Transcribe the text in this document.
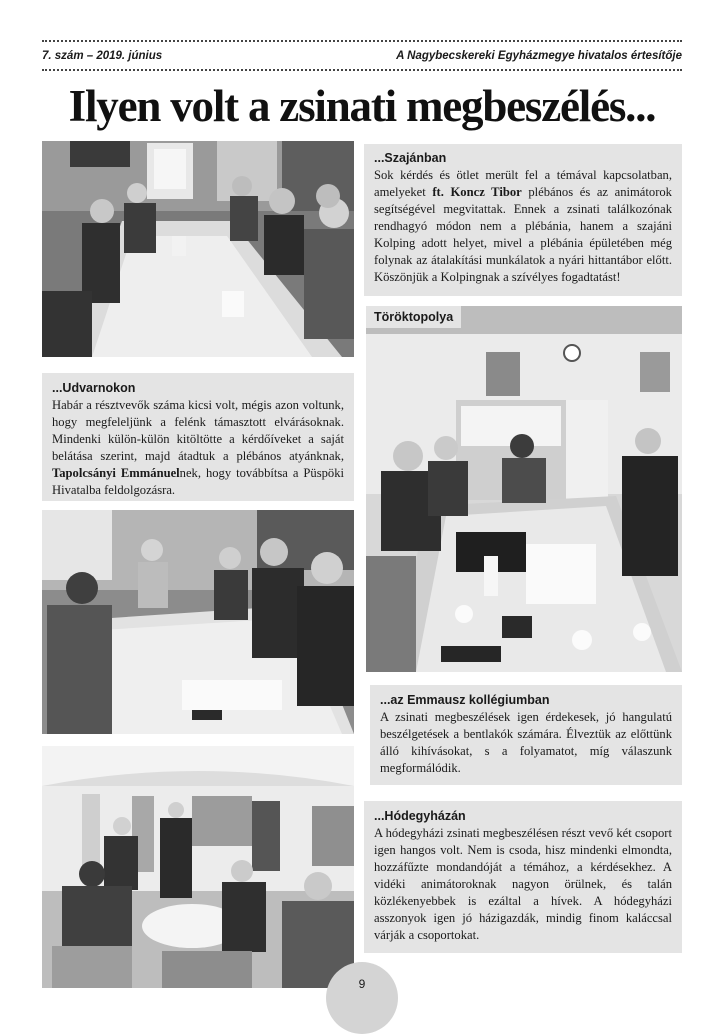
7. szám – 2019. június	A Nagybecskereki Egyházmegye hivatalos értesítője
Ilyen volt a zsinati megbeszélés...
...Szajánban

Sok kérdés és ötlet merült fel a témával kapcsolatban, amelyeket ft. Koncz Tibor plébános és az animátorok segítségével megvitattak. Ennek a zsinati találkozónak rendhagyó módon nem a plébánia, hanem a szajáni Kolping adott helyet, mivel a plébánia épületében még folynak az átalakítási munkálatok a nyári hittantábor előtt. Köszönjük a Kolpingnak a szívélyes fogadtatást!

...Udvarnokon

Habár a résztvevők száma kicsi volt, mégis azon voltunk, hogy megfeleljünk a felénk támasztott elvárásoknak. Mindenki külön-külön kitöltötte a kérdőíveket a saját belátása szerint, majd átadtuk a plébános atyánknak, Tapolcsányi Emmánuelnek, hogy továbbítsa a Püspöki Hivatalba feldolgozásra.

Töröktopolya
...az Emmausz kollégiumban

A zsinati megbeszélések igen érdekesek, jó hangulatú beszélgetések a bentlakók számára. Élveztük az előttünk álló kihívásokat, s a folyamatot, míg válaszunk megformálódik.

...Hódegyházán

A hódegyházi zsinati megbeszélésen részt vevő két csoport igen hangos volt. Nem is csoda, hisz mindenki elmondta, hozzáfűzte mondandóját a témához, a kérdésekhez. A vidéki animátoroknak nagyon örülnek, és talán közlékenyebbek is ezáltal a hívek. A hódegyházi asszonyok igen jó házigazdák, mindig finom kaláccsal várják a csoportokat.

9
